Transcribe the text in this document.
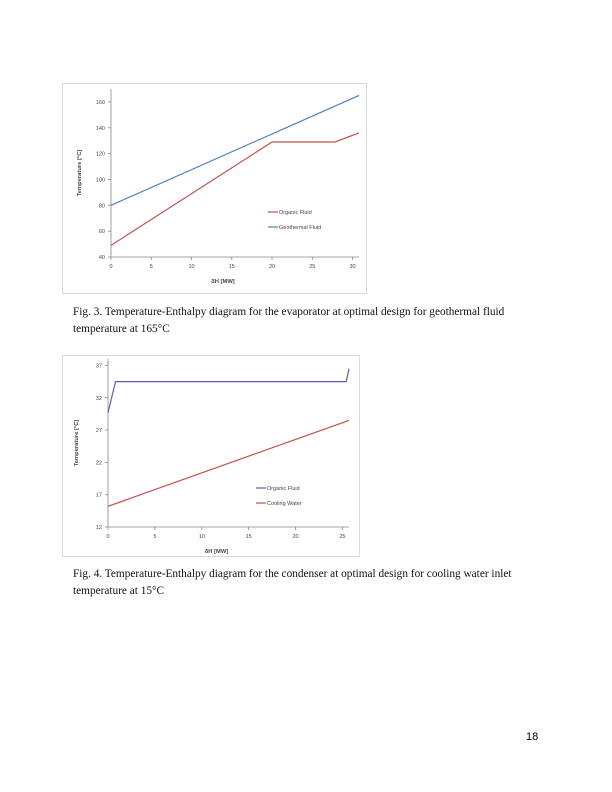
40
60
80
100
120
140
160
0	5	10	15	20	25	30
δH [MW]
Temperature [°C]
Organic Fluid
Geothermal Fluid
Fig. 3. Temperature-Enthalpy diagram for the evaporator at optimal design for geothermal fluid temperature at 165°C
12
17
22
27
32
37
0	5	10	15	20	25
δH [MW]
Temperature [°C]
Organic Fluid
Cooling Water
Fig. 4. Temperature-Enthalpy diagram for the condenser at optimal design for cooling water inlet temperature at 15°C
18
